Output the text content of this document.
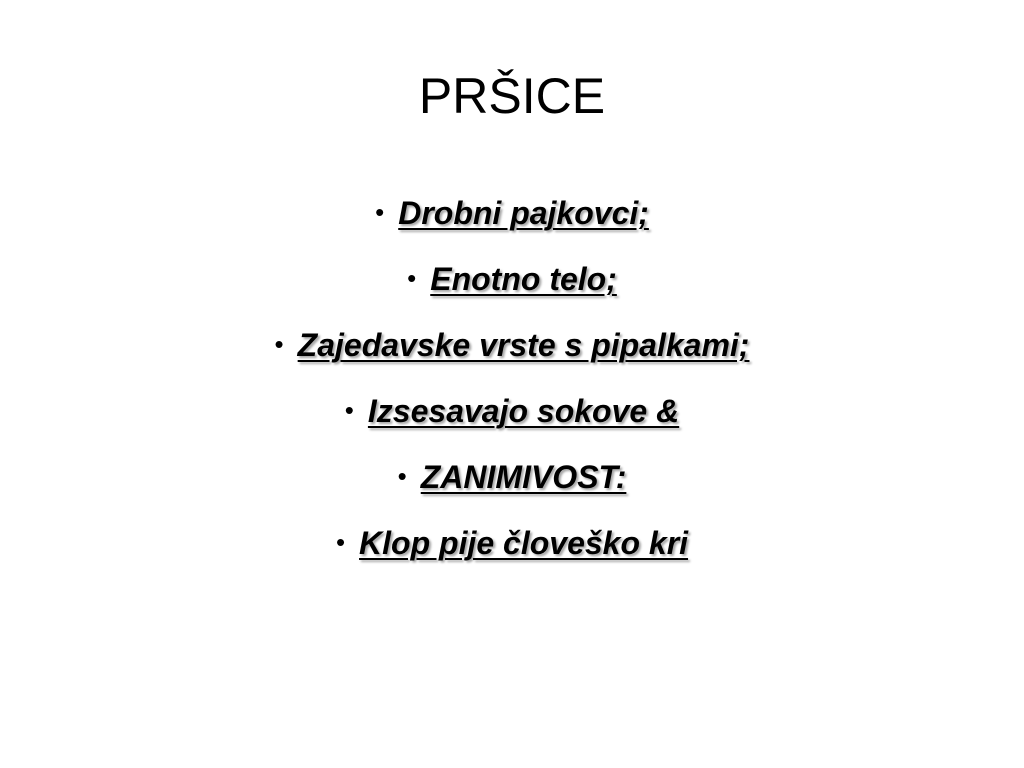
PRŠICE
• Drobni pajkovci;
• Enotno telo;
• Zajedavske vrste s pipalkami;
• Izsesavajo sokove &
• ZANIMIVOST:
• Klop pije človeško kri
